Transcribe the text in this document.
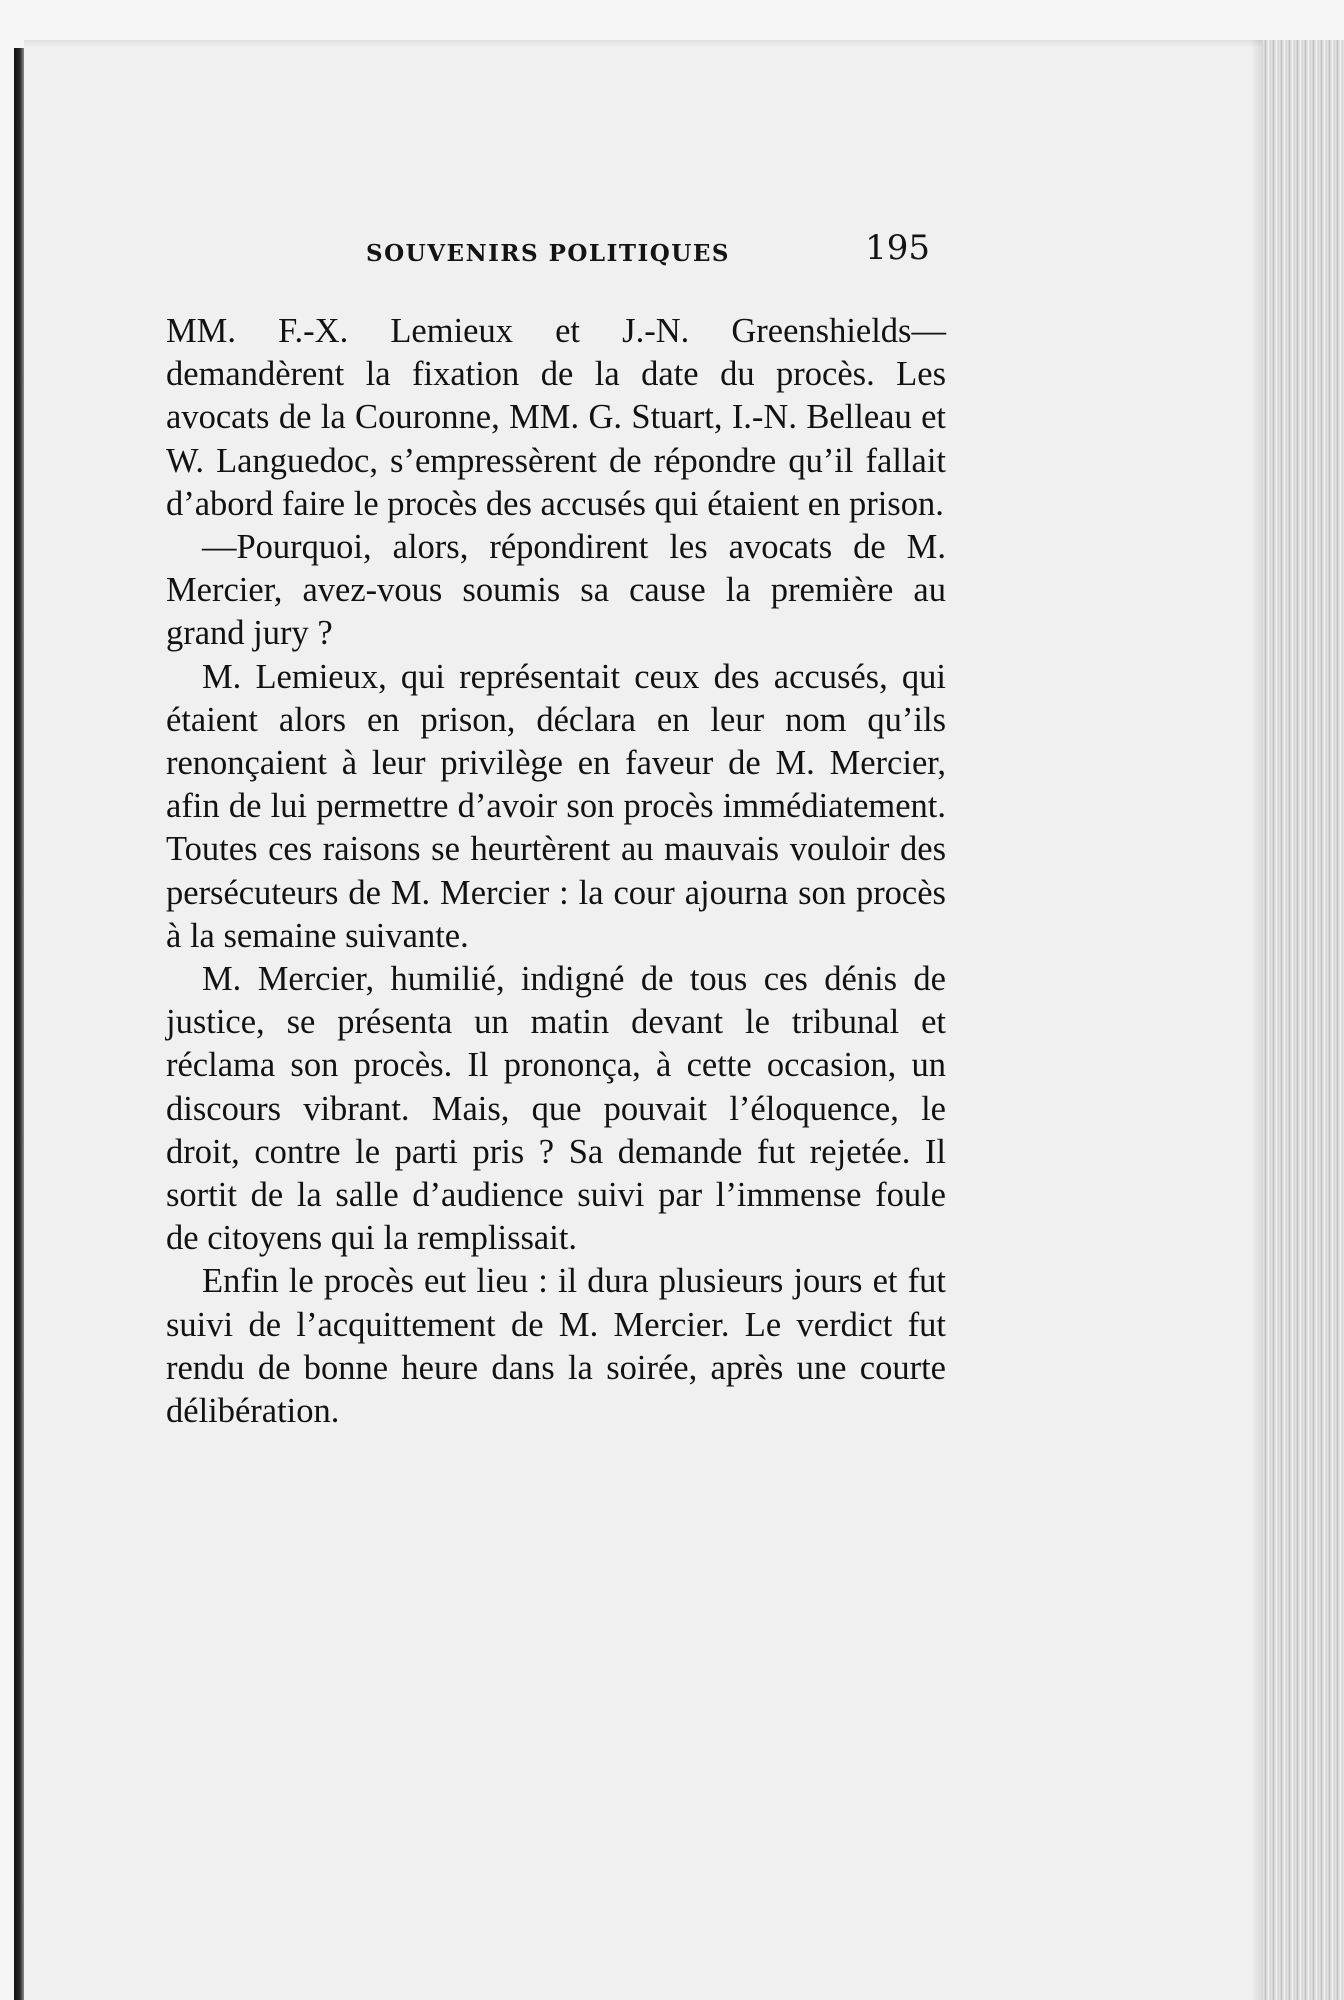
SOUVENIRS POLITIQUES	195

MM. F.-X. Lemieux et J.-N. Greenshields—demandèrent la fixation de la date du procès. Les avocats de la Couronne, MM. G. Stuart, I.-N. Belleau et W. Languedoc, s’empressèrent de répondre qu’il fallait d’abord faire le procès des accusés qui étaient en prison.

—Pourquoi, alors, répondirent les avocats de M. Mercier, avez-vous soumis sa cause la première au grand jury ?

M. Lemieux, qui représentait ceux des accusés, qui étaient alors en prison, déclara en leur nom qu’ils renonçaient à leur privilège en faveur de M. Mercier, afin de lui permettre d’avoir son procès immédiatement. Toutes ces raisons se heurtèrent au mauvais vouloir des persécuteurs de M. Mercier : la cour ajourna son procès à la semaine suivante.

M. Mercier, humilié, indigné de tous ces dénis de justice, se présenta un matin devant le tribunal et réclama son procès. Il prononça, à cette occasion, un discours vibrant. Mais, que pouvait l’éloquence, le droit, contre le parti pris ? Sa demande fut rejetée. Il sortit de la salle d’audience suivi par l’immense foule de citoyens qui la remplissait.

Enfin le procès eut lieu : il dura plusieurs jours et fut suivi de l’acquittement de M. Mercier. Le verdict fut rendu de bonne heure dans la soirée, après une courte délibération.
